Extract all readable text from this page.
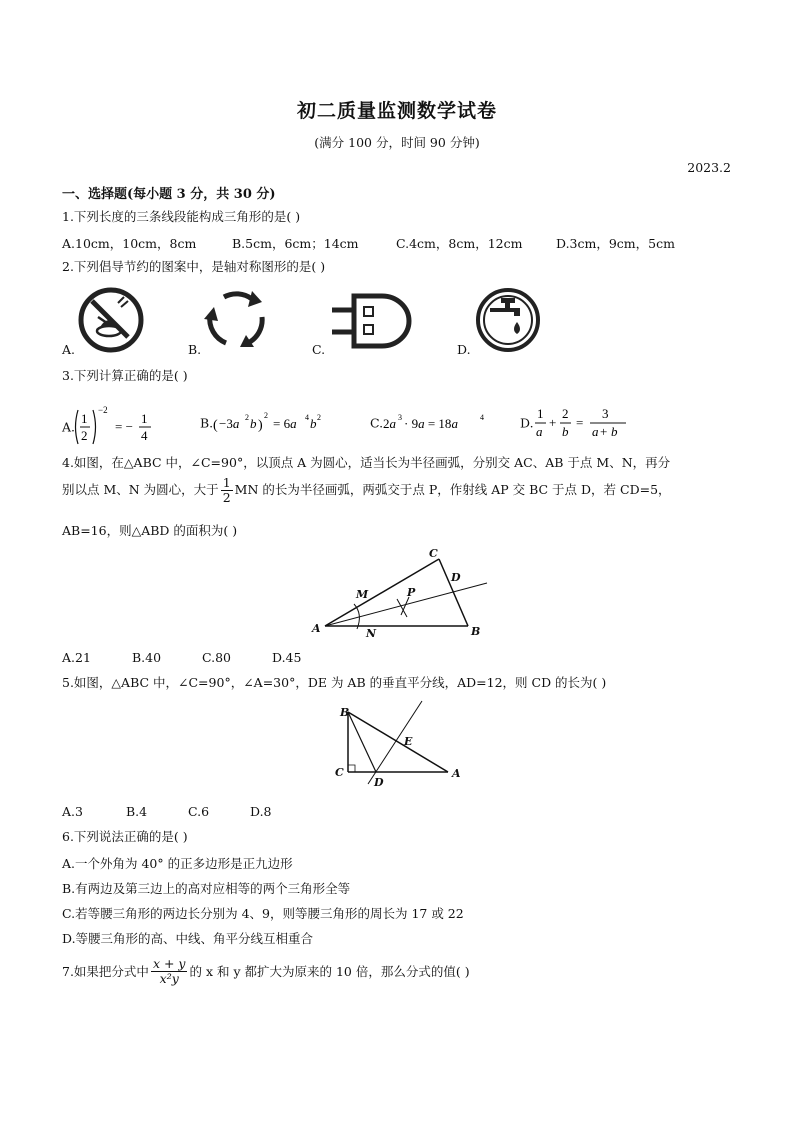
初二质量监测数学试卷
(满分 100 分，时间 90 分钟)
2023.2
一、选择题(每小题 3 分，共 30 分)
1.下列长度的三条线段能构成三角形的是( )
A.10cm，10cm，8cm	B.5cm，6cm；14cm	C.4cm，8cm，12cm	D.3cm，9cm，5cm
2.下列倡导节约的图案中，是轴对称图形的是( )
A.	B.	C.	D.
3.下列计算正确的是( )
A.
1
2
−2
= −
1
4
B. ( −3a 2 b )
2
= 6a 4 b 2	C. 2a 3 · 9a = 18a	4	D.
1
a
+
2
b
=
3
a + b
4.如图，在△ABC 中，∠C=90°，以顶点 A 为圆心，适当长为半径画弧，分别交 AC、AB 于点 M、N，再分
别以点 M、N 为圆心，大于 $\frac{1}{2}$ MN 的长为半径画弧，两弧交于点 P，作射线 AP 交 BC 于点 D，若 CD=5，
AB=16，则△ABD 的面积为( )
A	B
C
D
M
N
P
A.21	B.40	C.80	D.45
5.如图，△ABC 中，∠C=90°，∠A=30°，DE 为 AB 的垂直平分线，AD=12，则 CD 的长为( )
B
C
D
E
A
A.3	B.4	C.6	D.8
6.下列说法正确的是( )
A.一个外角为 40° 的正多边形是正九边形
B.有两边及第三边上的高对应相等的两个三角形全等
C.若等腰三角形的两边长分别为 4、9，则等腰三角形的周长为 17 或 22
D.等腰三角形的高、中线、角平分线互相重合
7.如果把分式中 $\frac{x + y}{\text{x²y}}$ 的 x 和 y 都扩大为原来的 10 倍，那么分式的值( )
